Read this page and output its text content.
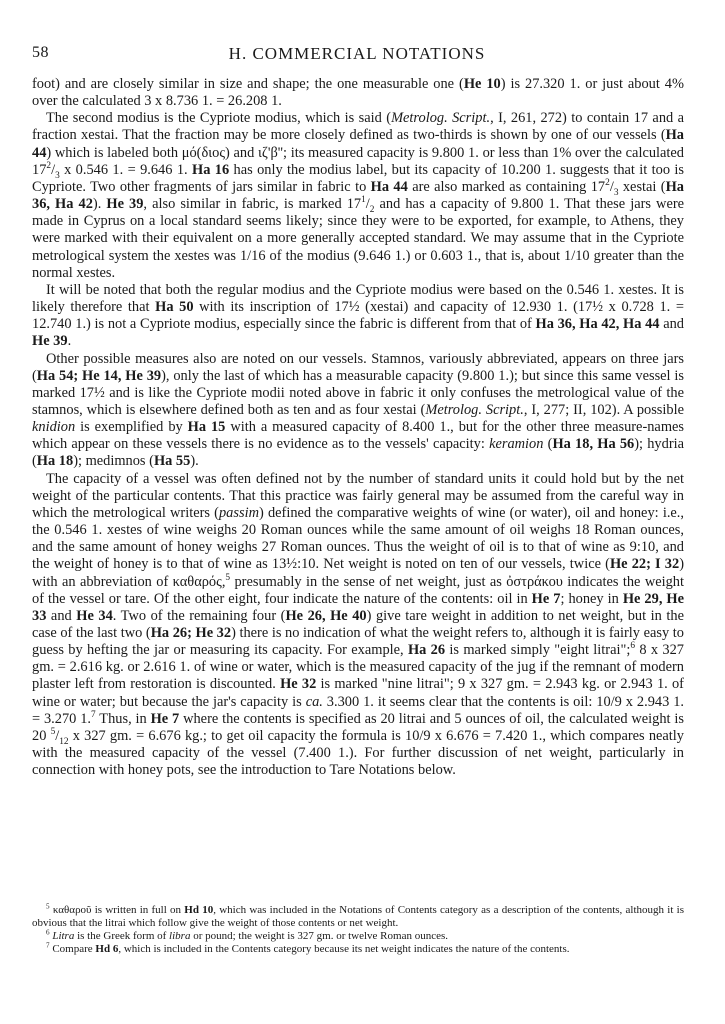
58	H. COMMERCIAL NOTATIONS

foot) and are closely similar in size and shape; the one measurable one (He 10) is 27.320 1. or just about 4% over the calculated 3 x 8.736 1. = 26.208 1.

The second modius is the Cypriote modius, which is said (Metrolog. Script., I, 261, 272) to contain 17 and a fraction xestai. That the fraction may be more closely defined as two-thirds is shown by one of our vessels (Ha 44) which is labeled both μό(διος) and ιζ'β''; its measured capacity is 9.800 1. or less than 1% over the calculated $17^2/_3$ x 0.546 1. = 9.646 1. Ha 16 has only the modius label, but its capacity of 10.200 1. suggests that it too is Cypriote. Two other fragments of jars similar in fabric to Ha 44 are also marked as containing $17^2/_3$ xestai (Ha 36, Ha 42). He 39, also similar in fabric, is marked $17^1/_2$ and has a capacity of 9.800 1. That these jars were made in Cyprus on a local standard seems likely; since they were to be exported, for example, to Athens, they were marked with their equivalent on a more generally accepted standard. We may assume that in the Cypriote metrological system the xestes was 1/16 of the modius (9.646 1.) or 0.603 1., that is, about 1/10 greater than the normal xestes.

It will be noted that both the regular modius and the Cypriote modius were based on the 0.546 1. xestes. It is likely therefore that Ha 50 with its inscription of 17½ (xestai) and capacity of 12.930 1. (17½ x 0.728 1. = 12.740 1.) is not a Cypriote modius, especially since the fabric is different from that of Ha 36, Ha 42, Ha 44 and He 39.

Other possible measures also are noted on our vessels. Stamnos, variously abbreviated, appears on three jars (Ha 54; He 14, He 39), only the last of which has a measurable capacity (9.800 1.); but since this same vessel is marked 17½ and is like the Cypriote modii noted above in fabric it only confuses the metrological value of the stamnos, which is elsewhere defined both as ten and as four xestai (Metrolog. Script., I, 277; II, 102). A possible knidion is exemplified by Ha 15 with a measured capacity of 8.400 1., but for the other three measure-names which appear on these vessels there is no evidence as to the vessels' capacity: keramion (Ha 18, Ha 56); hydria (Ha 18); medimnos (Ha 55).

The capacity of a vessel was often defined not by the number of standard units it could hold but by the net weight of the particular contents. That this practice was fairly general may be assumed from the careful way in which the metrological writers (passim) defined the comparative weights of wine (or water), oil and honey: i.e., the 0.546 1. xestes of wine weighs 20 Roman ounces while the same amount of oil weighs 18 Roman ounces, and the same amount of honey weighs 27 Roman ounces. Thus the weight of oil is to that of wine as 9:10, and the weight of honey is to that of wine as 13½:10. Net weight is noted on ten of our vessels, twice (He 22; I 32) with an abbreviation of καθαρός,$^5$ presumably in the sense of net weight, just as ὀστράκου indicates the weight of the vessel or tare. Of the other eight, four indicate the nature of the contents: oil in He 7; honey in He 29, He 33 and He 34. Two of the remaining four (He 26, He 40) give tare weight in addition to net weight, but in the case of the last two (Ha 26; He 32) there is no indication of what the weight refers to, although it is fairly easy to guess by hefting the jar or measuring its capacity. For example, Ha 26 is marked simply "eight litrai";$^6$ 8 x 327 gm. = 2.616 kg. or 2.616 1. of wine or water, which is the measured capacity of the jug if the remnant of modern plaster left from restoration is discounted. He 32 is marked "nine litrai"; 9 x 327 gm. = 2.943 kg. or 2.943 1. of wine or water; but because the jar's capacity is ca. 3.300 1. it seems clear that the contents is oil: 10/9 x 2.943 1. = 3.270 1.$^7$ Thus, in He 7 where the contents is specified as 20 litrai and 5 ounces of oil, the calculated weight is 20 $^5/_{12}$ x 327 gm. = 6.676 kg.; to get oil capacity the formula is 10/9 x 6.676 = 7.420 1., which compares neatly with the measured capacity of the vessel (7.400 1.). For further discussion of net weight, particularly in connection with honey pots, see the introduction to Tare Notations below.

$^5$ καθαροῦ is written in full on Hd 10, which was included in the Notations of Contents category as a description of the contents, although it is obvious that the litrai which follow give the weight of those contents or net weight.

$^6$ Litra is the Greek form of libra or pound; the weight is 327 gm. or twelve Roman ounces.

$^7$ Compare Hd 6, which is included in the Contents category because its net weight indicates the nature of the contents.
